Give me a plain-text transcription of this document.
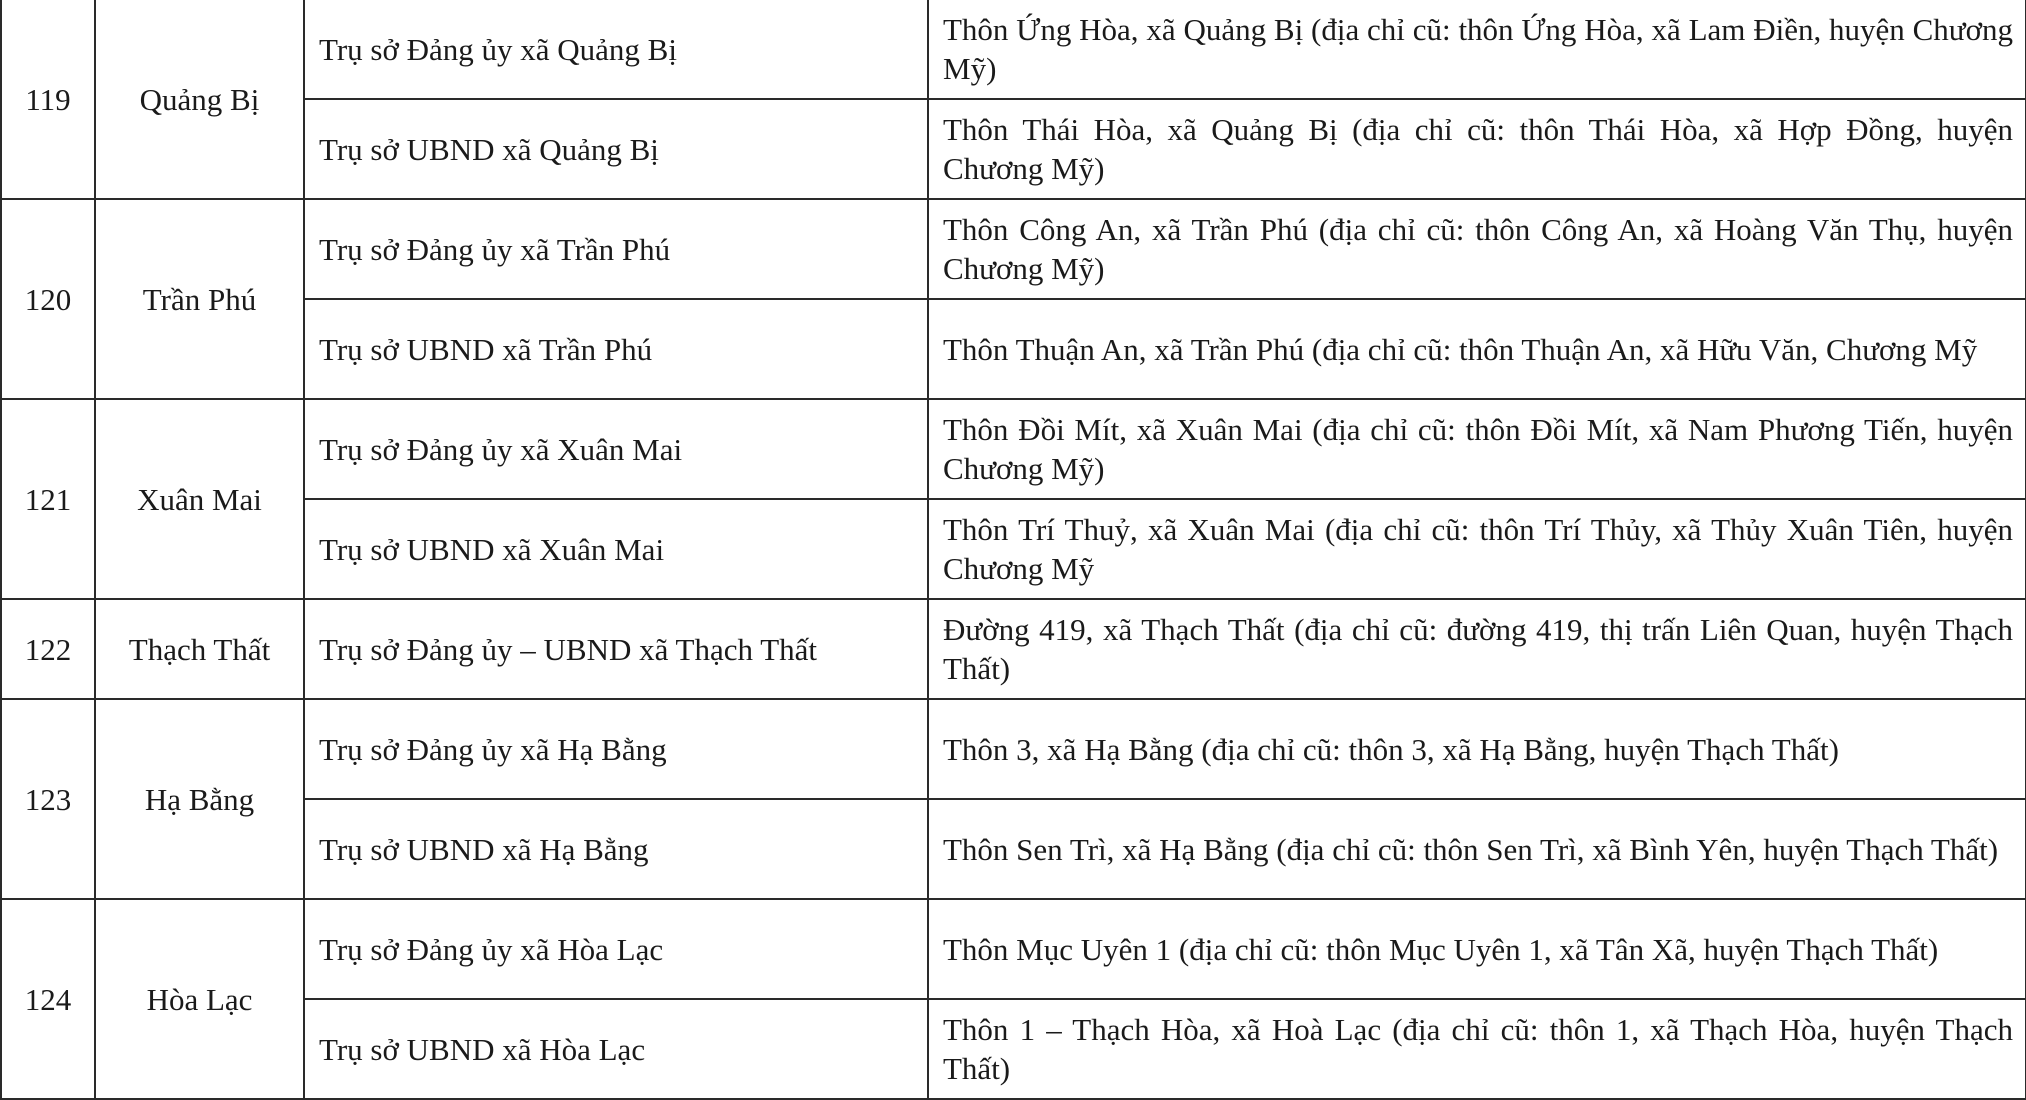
119	Quảng Bị	Trụ sở Đảng ủy xã Quảng Bị	Thôn Ứng Hòa, xã Quảng Bị (địa chỉ cũ: thôn Ứng Hòa, xã Lam Điền, huyện Chương Mỹ)
		Trụ sở UBND xã Quảng Bị	Thôn Thái Hòa, xã Quảng Bị (địa chỉ cũ: thôn Thái Hòa, xã Hợp Đồng, huyện Chương Mỹ)
120	Trần Phú	Trụ sở Đảng ủy xã Trần Phú	Thôn Công An, xã Trần Phú (địa chỉ cũ: thôn Công An, xã Hoàng Văn Thụ, huyện Chương Mỹ)
		Trụ sở UBND xã Trần Phú	Thôn Thuận An, xã Trần Phú (địa chỉ cũ: thôn Thuận An, xã Hữu Văn, Chương Mỹ
121	Xuân Mai	Trụ sở Đảng ủy xã Xuân Mai	Thôn Đồi Mít, xã Xuân Mai (địa chỉ cũ: thôn Đồi Mít, xã Nam Phương Tiến, huyện Chương Mỹ)
		Trụ sở UBND xã Xuân Mai	Thôn Trí Thuỷ, xã Xuân Mai (địa chỉ cũ: thôn Trí Thủy, xã Thủy Xuân Tiên, huyện Chương Mỹ
122	Thạch Thất	Trụ sở Đảng ủy – UBND xã Thạch Thất	Đường 419, xã Thạch Thất (địa chỉ cũ: đường 419, thị trấn Liên Quan, huyện Thạch Thất)
123	Hạ Bằng	Trụ sở Đảng ủy xã Hạ Bằng	Thôn 3, xã Hạ Bằng (địa chỉ cũ: thôn 3, xã Hạ Bằng, huyện Thạch Thất)
		Trụ sở UBND xã Hạ Bằng	Thôn Sen Trì, xã Hạ Bằng (địa chỉ cũ: thôn Sen Trì, xã Bình Yên, huyện Thạch Thất)
124	Hòa Lạc	Trụ sở Đảng ủy xã Hòa Lạc	Thôn Mục Uyên 1 (địa chỉ cũ: thôn Mục Uyên 1, xã Tân Xã, huyện Thạch Thất)
		Trụ sở UBND xã Hòa Lạc	Thôn 1 – Thạch Hòa, xã Hoà Lạc (địa chỉ cũ: thôn 1, xã Thạch Hòa, huyện Thạch Thất)
